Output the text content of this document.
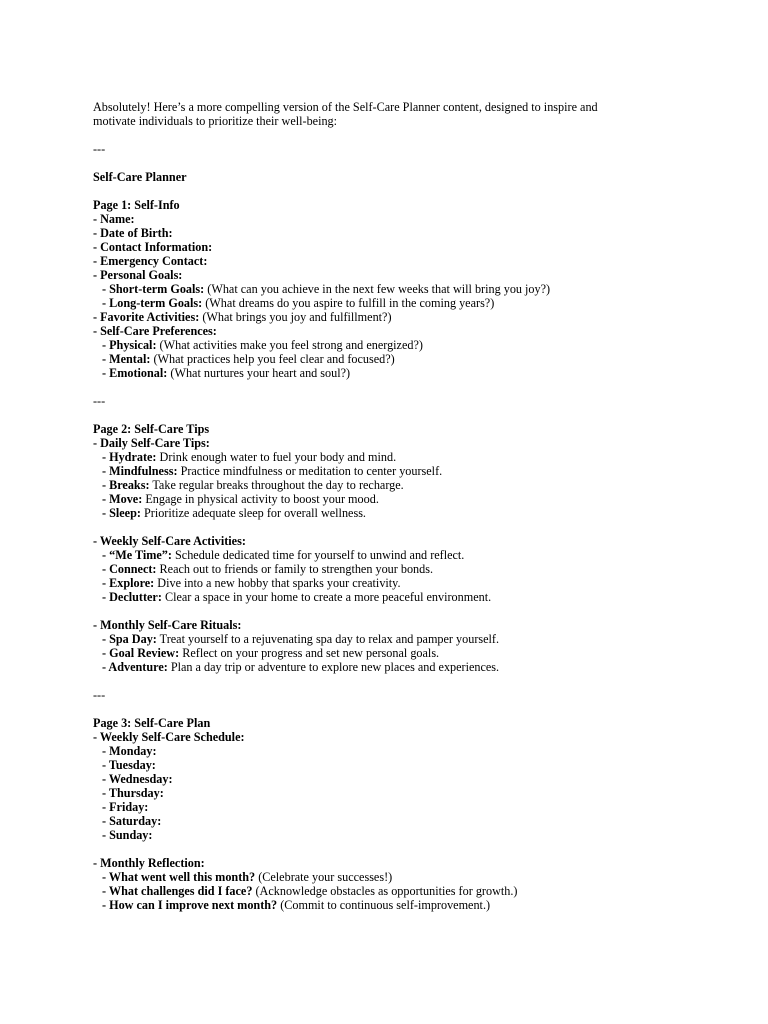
Absolutely! Here’s a more compelling version of the Self-Care Planner content, designed to inspire and
motivate individuals to prioritize their well-being:
---
Self-Care Planner
Page 1: Self-Info
- Name:
- Date of Birth:
- Contact Information:
- Emergency Contact:
- Personal Goals:
- Short-term Goals: (What can you achieve in the next few weeks that will bring you joy?)
- Long-term Goals: (What dreams do you aspire to fulfill in the coming years?)
- Favorite Activities: (What brings you joy and fulfillment?)
- Self-Care Preferences:
- Physical: (What activities make you feel strong and energized?)
- Mental: (What practices help you feel clear and focused?)
- Emotional: (What nurtures your heart and soul?)
---
Page 2: Self-Care Tips
- Daily Self-Care Tips:
- Hydrate: Drink enough water to fuel your body and mind.
- Mindfulness: Practice mindfulness or meditation to center yourself.
- Breaks: Take regular breaks throughout the day to recharge.
- Move: Engage in physical activity to boost your mood.
- Sleep: Prioritize adequate sleep for overall wellness.
- Weekly Self-Care Activities:
- “Me Time”: Schedule dedicated time for yourself to unwind and reflect.
- Connect: Reach out to friends or family to strengthen your bonds.
- Explore: Dive into a new hobby that sparks your creativity.
- Declutter: Clear a space in your home to create a more peaceful environment.
- Monthly Self-Care Rituals:
- Spa Day: Treat yourself to a rejuvenating spa day to relax and pamper yourself.
- Goal Review: Reflect on your progress and set new personal goals.
- Adventure: Plan a day trip or adventure to explore new places and experiences.
---
Page 3: Self-Care Plan
- Weekly Self-Care Schedule:
- Monday:
- Tuesday:
- Wednesday:
- Thursday:
- Friday:
- Saturday:
- Sunday:
- Monthly Reflection:
- What went well this month? (Celebrate your successes!)
- What challenges did I face? (Acknowledge obstacles as opportunities for growth.)
- How can I improve next month? (Commit to continuous self-improvement.)
